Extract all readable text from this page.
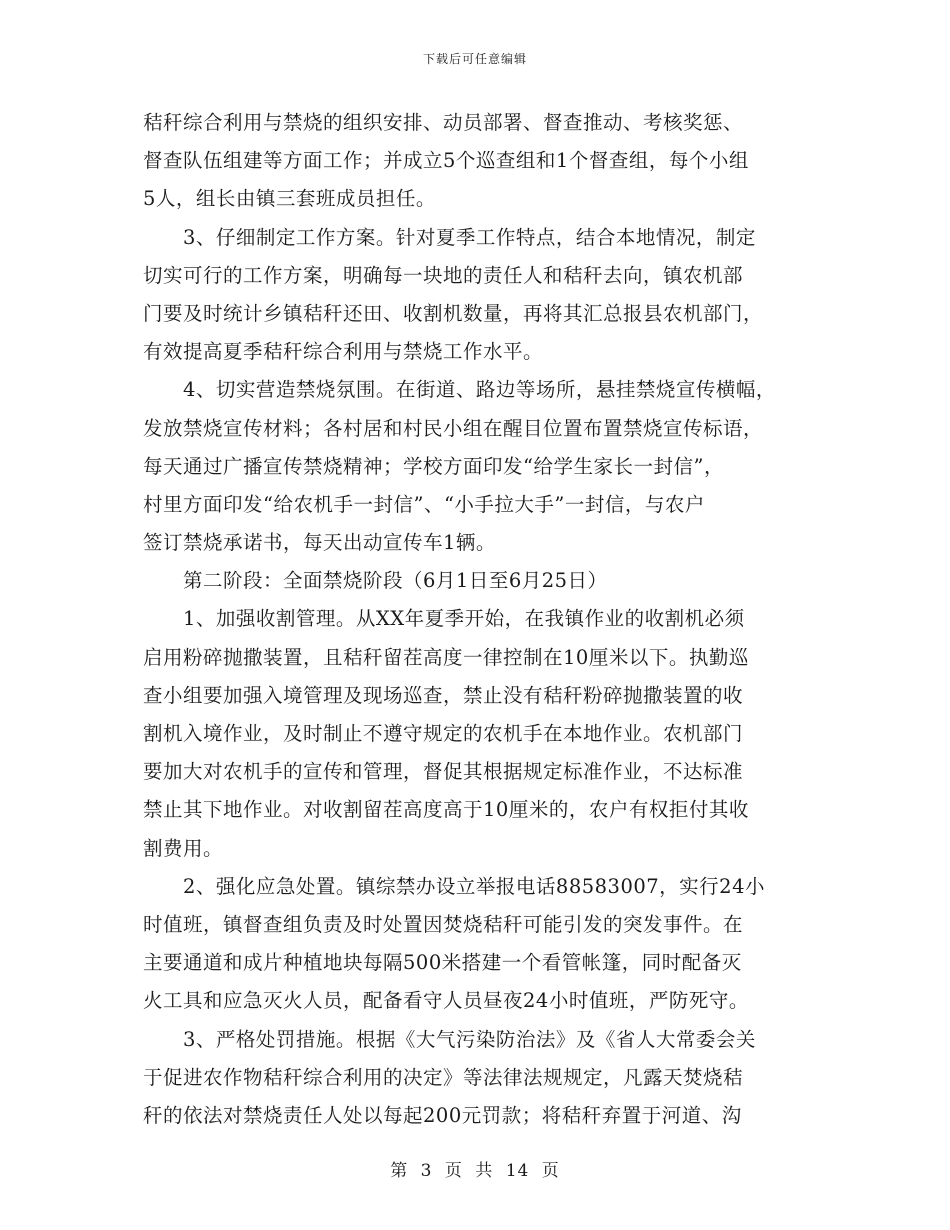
下载后可任意编辑
秸秆综合利用与禁烧的组织安排、动员部署、督查推动、考核奖惩、
督查队伍组建等方面工作；并成立5个巡查组和1个督查组，每个小组
5人，组长由镇三套班成员担任。
3、仔细制定工作方案。针对夏季工作特点，结合本地情况，制定
切实可行的工作方案，明确每一块地的责任人和秸秆去向，镇农机部
门要及时统计乡镇秸秆还田、收割机数量，再将其汇总报县农机部门，
有效提高夏季秸秆综合利用与禁烧工作水平。
4、切实营造禁烧氛围。在街道、路边等场所，悬挂禁烧宣传横幅，
发放禁烧宣传材料；各村居和村民小组在醒目位置布置禁烧宣传标语，
每天通过广播宣传禁烧精神；学校方面印发“给学生家长一封信”，
村里方面印发“给农机手一封信”、“小手拉大手”一封信，与农户
签订禁烧承诺书，每天出动宣传车1辆。
第二阶段：全面禁烧阶段（6月1日至6月25日）
1、加强收割管理。从XX年夏季开始，在我镇作业的收割机必须
启用粉碎抛撒装置，且秸秆留茬高度一律控制在10厘米以下。执勤巡
查小组要加强入境管理及现场巡查，禁止没有秸秆粉碎抛撒装置的收
割机入境作业，及时制止不遵守规定的农机手在本地作业。农机部门
要加大对农机手的宣传和管理，督促其根据规定标准作业，不达标准
禁止其下地作业。对收割留茬高度高于10厘米的，农户有权拒付其收
割费用。
2、强化应急处置。镇综禁办设立举报电话88583007，实行24小
时值班，镇督查组负责及时处置因焚烧秸秆可能引发的突发事件。在
主要通道和成片种植地块每隔500米搭建一个看管帐篷，同时配备灭
火工具和应急灭火人员，配备看守人员昼夜24小时值班，严防死守。
3、严格处罚措施。根据《大气污染防治法》及《省人大常委会关
于促进农作物秸秆综合利用的决定》等法律法规规定，凡露天焚烧秸
秆的依法对禁烧责任人处以每起200元罚款；将秸秆弃置于河道、沟
第 3 页 共 14 页
